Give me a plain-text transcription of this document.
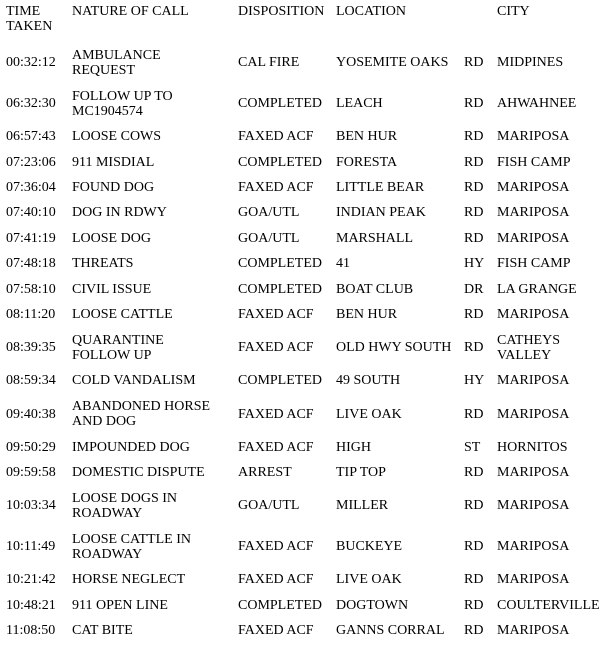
TIME
TAKEN	NATURE OF CALL	DISPOSITION	LOCATION		CITY
00:32:12	AMBULANCE
REQUEST	CAL FIRE	YOSEMITE OAKS	RD	MIDPINES
06:32:30	FOLLOW UP TO
MC1904574	COMPLETED	LEACH	RD	AHWAHNEE
06:57:43	LOOSE COWS	FAXED ACF	BEN HUR	RD	MARIPOSA
07:23:06	911 MISDIAL	COMPLETED	FORESTA	RD	FISH CAMP
07:36:04	FOUND DOG	FAXED ACF	LITTLE BEAR	RD	MARIPOSA
07:40:10	DOG IN RDWY	GOA/UTL	INDIAN PEAK	RD	MARIPOSA
07:41:19	LOOSE DOG	GOA/UTL	MARSHALL	RD	MARIPOSA
07:48:18	THREATS	COMPLETED	41	HY	FISH CAMP
07:58:10	CIVIL ISSUE	COMPLETED	BOAT CLUB	DR	LA GRANGE
08:11:20	LOOSE CATTLE	FAXED ACF	BEN HUR	RD	MARIPOSA
08:39:35	QUARANTINE
FOLLOW UP	FAXED ACF	OLD HWY SOUTH	RD	CATHEYS
VALLEY
08:59:34	COLD VANDALISM	COMPLETED	49 SOUTH	HY	MARIPOSA
09:40:38	ABANDONED HORSE
AND DOG	FAXED ACF	LIVE OAK	RD	MARIPOSA
09:50:29	IMPOUNDED DOG	FAXED ACF	HIGH	ST	HORNITOS
09:59:58	DOMESTIC DISPUTE	ARREST	TIP TOP	RD	MARIPOSA
10:03:34	LOOSE DOGS IN
ROADWAY	GOA/UTL	MILLER	RD	MARIPOSA
10:11:49	LOOSE CATTLE IN
ROADWAY	FAXED ACF	BUCKEYE	RD	MARIPOSA
10:21:42	HORSE NEGLECT	FAXED ACF	LIVE OAK	RD	MARIPOSA
10:48:21	911 OPEN LINE	COMPLETED	DOGTOWN	RD	COULTERVILLE
11:08:50	CAT BITE	FAXED ACF	GANNS CORRAL	RD	MARIPOSA
